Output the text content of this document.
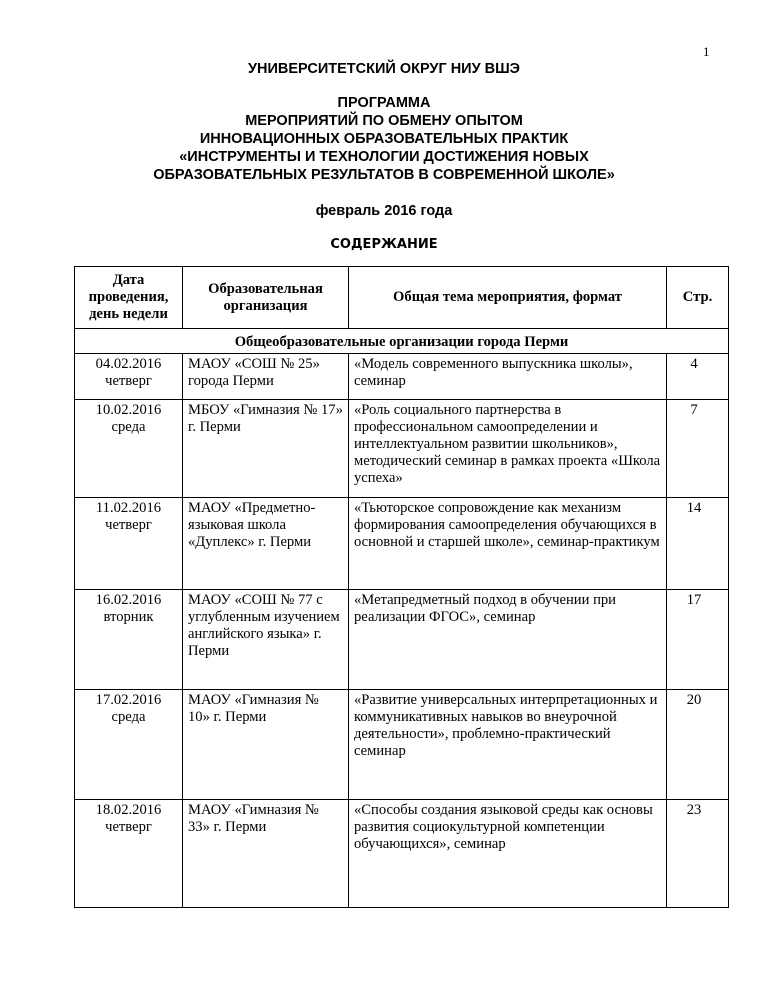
1
УНИВЕРСИТЕТСКИЙ ОКРУГ НИУ ВШЭ
ПРОГРАММА
МЕРОПРИЯТИЙ ПО ОБМЕНУ ОПЫТОМ
ИННОВАЦИОННЫХ ОБРАЗОВАТЕЛЬНЫХ ПРАКТИК
«ИНСТРУМЕНТЫ И ТЕХНОЛОГИИ ДОСТИЖЕНИЯ НОВЫХ
ОБРАЗОВАТЕЛЬНЫХ РЕЗУЛЬТАТОВ В СОВРЕМЕННОЙ ШКОЛЕ»
февраль 2016 года
СОДЕРЖАНИЕ
Дата проведения, день недели	Образовательная организация	Общая тема мероприятия, формат	Стр.
Общеобразовательные организации города Перми			

04.02.2016
четверг	МАОУ «СОШ № 25» города Перми	«Модель современного выпускника школы», семинар	4

10.02.2016
среда	МБОУ «Гимназия № 17» г. Перми	«Роль социального партнерства в профессиональном самоопределении и интеллектуальном развитии школьников», методический семинар в рамках проекта «Школа успеха»	7

11.02.2016
четверг	МАОУ «Предметно-языковая школа «Дуплекс» г. Перми	«Тьюторское сопровождение как механизм формирования самоопределения обучающихся в основной и старшей школе», семинар-практикум	14

16.02.2016
вторник	МАОУ «СОШ № 77 с углубленным изучением английского языка» г. Перми	«Метапредметный подход в обучении при реализации ФГОС», семинар	17

17.02.2016
среда	МАОУ «Гимназия № 10» г. Перми	«Развитие универсальных интерпретационных и коммуникативных навыков во внеурочной деятельности», проблемно-практический семинар	20

18.02.2016
четверг	МАОУ «Гимназия № 33» г. Перми	«Способы создания языковой среды как основы развития социокультурной компетенции обучающихся», семинар	23
